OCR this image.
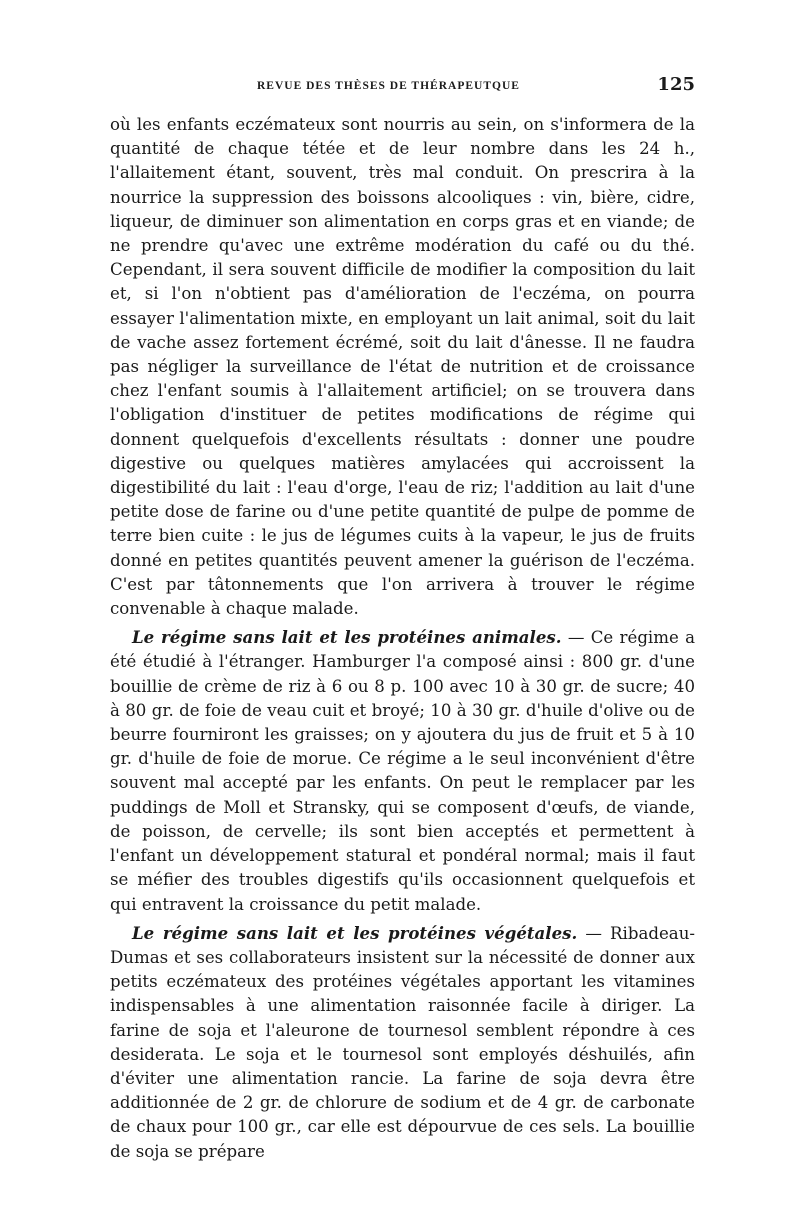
REVUE DES THÈSES DE THÉRAPEUTQUE	125

où les enfants eczémateux sont nourris au sein, on s'informera de la quantité de chaque tétée et de leur nombre dans les 24 h., l'allaitement étant, souvent, très mal conduit. On prescrira à la nourrice la suppression des boissons alcooliques : vin, bière, cidre, liqueur, de diminuer son alimentation en corps gras et en viande; de ne prendre qu'avec une extrême modération du café ou du thé. Cependant, il sera souvent difficile de modifier la composition du lait et, si l'on n'obtient pas d'amélioration de l'eczéma, on pourra essayer l'alimentation mixte, en employant un lait animal, soit du lait de vache assez fortement écrémé, soit du lait d'ânesse. Il ne faudra pas négliger la surveillance de l'état de nutrition et de croissance chez l'enfant soumis à l'allaitement artificiel; on se trouvera dans l'obligation d'instituer de petites modifications de régime qui donnent quelquefois d'excellents résultats : donner une poudre digestive ou quelques matières amylacées qui accroissent la digestibilité du lait : l'eau d'orge, l'eau de riz; l'addition au lait d'une petite dose de farine ou d'une petite quantité de pulpe de pomme de terre bien cuite : le jus de légumes cuits à la vapeur, le jus de fruits donné en petites quantités peuvent amener la guérison de l'eczéma. C'est par tâtonnements que l'on arrivera à trouver le régime convenable à chaque malade.

Le régime sans lait et les protéines animales. — Ce régime a été étudié à l'étranger. Hamburger l'a composé ainsi : 800 gr. d'une bouillie de crème de riz à 6 ou 8 p. 100 avec 10 à 30 gr. de sucre; 40 à 80 gr. de foie de veau cuit et broyé; 10 à 30 gr. d'huile d'olive ou de beurre fourniront les graisses; on y ajoutera du jus de fruit et 5 à 10 gr. d'huile de foie de morue. Ce régime a le seul inconvénient d'être souvent mal accepté par les enfants. On peut le remplacer par les puddings de Moll et Stransky, qui se composent d'œufs, de viande, de poisson, de cervelle; ils sont bien acceptés et permettent à l'enfant un développement statural et pondéral normal; mais il faut se méfier des troubles digestifs qu'ils occasionnent quelquefois et qui entravent la croissance du petit malade.

Le régime sans lait et les protéines végétales. — Ribadeau-Dumas et ses collaborateurs insistent sur la nécessité de donner aux petits eczémateux des protéines végétales apportant les vitamines indispensables à une alimentation raisonnée facile à diriger. La farine de soja et l'aleurone de tournesol semblent répondre à ces desiderata. Le soja et le tournesol sont employés déshuilés, afin d'éviter une alimentation rancie. La farine de soja devra être additionnée de 2 gr. de chlorure de sodium et de 4 gr. de carbonate de chaux pour 100 gr., car elle est dépourvue de ces sels. La bouillie de soja se prépare
